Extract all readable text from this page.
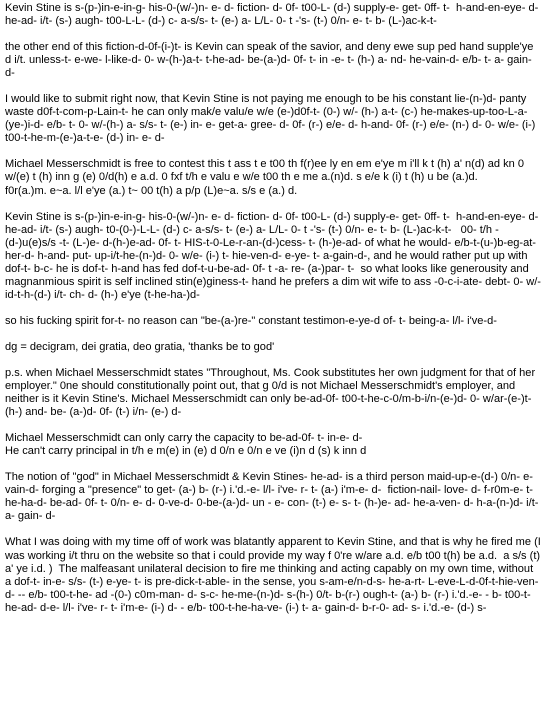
Kevin Stine is s-(p-)in-e-in-g- his-0-(w/-)n- e- d- fiction- d- 0f- t00-L- (d-) supply-e- get- 0ff- t-  h-and-en-eye- d- he-ad- i/t- (s-) augh- t00-L-L- (d-) c- a-s/s- t- (e-) a- L/L- 0- t -'s- (t-) 0/n- e- t- b- (L-)ac-k-t-

the other end of this fiction-d-0f-(i-)t- is Kevin can speak of the savior, and deny ewe sup ped hand supple'ye d i/t. unless-t- e-we- l-like-d- 0- w-(h-)a-t- t-he-ad- be-(a-)d- 0f- t- in -e- t- (h-) a- nd- he-vain-d- e/b- t- a- gain- d-

I would like to submit right now, that Kevin Stine is not paying me enough to be his constant lie-(n-)d- panty waste d0f-t-com-p-Lain-t- he can only mak/e valu/e w/e (e-)d0f-t- (0-) w/- (h-) a-t- (c-) he-makes-up-too-L-a-(ye-)i-d- e/b- t- 0- w/-(h-) a- s/s- t- (e-) in- e- get-a- gree- d- 0f- (r-) e/e- d- h-and- 0f- (r-) e/e- (n-) d- 0- w/e- (i-) t00-t-he-m-(e-)a-t-e- (d-) in- e- d-

Michael Messerschmidt is free to contest this t ass t e t00 th f(r)ee ly en em e'ye m i'll k t (h) a' n(d) ad kn 0 w/(e) t (h) inn g (e) 0/d(h) e a.d. 0 fxf t/h e valu e w/e t00 th e me a.(n)d. s e/e k (i) t (h) u be (a.)d.
f0r(a.)m. e~a. l/l e'ye (a.) t~ 00 t(h) a p/p (L)e~a. s/s e (a.) d.

Kevin Stine is s-(p-)in-e-in-g- his-0-(w/-)n- e- d- fiction- d- 0f- t00-L- (d-) supply-e- get- 0ff- t-  h-and-en-eye- d- he-ad- i/t- (s-) augh- t0-(0-)-L-L- (d-) c- a-s/s- t- (e-) a- L/L- 0- t -'s- (t-) 0/n- e- t- b- (L-)ac-k-t-   00- t/h - (d-)u(e)s/s -t- (L-)e- d-(h-)e-ad- 0f- t- HIS-t-0-Le-r-an-(d-)cess- t- (h-)e-ad- of what he would- e/b-t-(u-)b-eg-at-her-d- h-and- put- up-i/t-he-(n-)d- 0- w/e- (i-) t- hie-ven-d- e-ye- t- a-gain-d-, and he would rather put up with dof-t- b-c- he is dof-t- h-and has fed dof-t-u-be-ad- 0f- t -a- re- (a-)par- t-  so what looks like generousity and magnanmious spirit is self inclined stin(e)giness-t- hand he prefers a dim wit wife to ass -0-c-i-ate- debt- 0- w/-id-t-h-(d-) i/t- ch- d- (h-) e'ye (t-he-ha-)d-

so his fucking spirit for-t- no reason can "be-(a-)re-" constant testimon-e-ye-d of- t- being-a- l/l- i've-d-

dg = decigram, dei gratia, deo gratia, 'thanks be to god'

p.s. when Michael Messerschmidt states "Throughout, Ms. Cook substitutes her own judgment for that of her employer." 0ne should constitutionally point out, that g 0/d is not Michael Messerschmidt's employer, and neither is it Kevin Stine's. Michael Messerschmidt can only be-ad-0f- t00-t-he-c-0/m-b-i/n-(e-)d- 0- w/ar-(e-)t- (h-) and- be- (a-)d- 0f- (t-) i/n- (e-) d-

Michael Messerschmidt can only carry the capacity to be-ad-0f- t- in-e- d-
He can't carry principal in t/h e m(e) in (e) d 0/n e 0/n e ve (i)n d (s) k inn d

The notion of "god" in Michael Messerschmidt & Kevin Stines- he-ad- is a third person maid-up-e-(d-) 0/n- e- vain-d- forging a "presence" to get- (a-) b- (r-) i.'d.-e- l/l- i've- r- t- (a-) i'm-e- d-  fiction-nail- love- d- f-r0m-e- t- he-ha-d- be-ad- 0f- t- 0/n- e- d- 0-ve-d- 0-be-(a-)d- un - e- con- (t-) e- s- t- (h-)e- ad- he-a-ven- d- h-a-(n-)d- i/t- a- gain- d-

What I was doing with my time off of work was blatantly apparent to Kevin Stine, and that is why he fired me (I was working i/t thru on the website so that i could provide my way f 0're w/are a.d. e/b t00 t(h) be a.d.  a s/s (t) a' ye i.d. )  The malfeasant unilateral decision to fire me thinking and acting capably on my own time, without a dof-t- in-e- s/s- (t-) e-ye- t- is pre-dick-t-able- in the sense, you s-am-e/n-d-s- he-a-rt- L-eve-L-d-0f-t-hie-ven-d- -- e/b- t00-t-he- ad -(0-) c0m-man- d- s-c- he-me-(n-)d- s-(h-) 0/t- b-(r-) ough-t- (a-) b- (r-) i.'d.-e- - b- t00-t-he-ad- d-e- l/l- i've- r- t- i'm-e- (i-) d- - e/b- t00-t-he-ha-ve- (i-) t- a- gain-d- b-r-0- ad- s- i.'d.-e- (d-) s-
